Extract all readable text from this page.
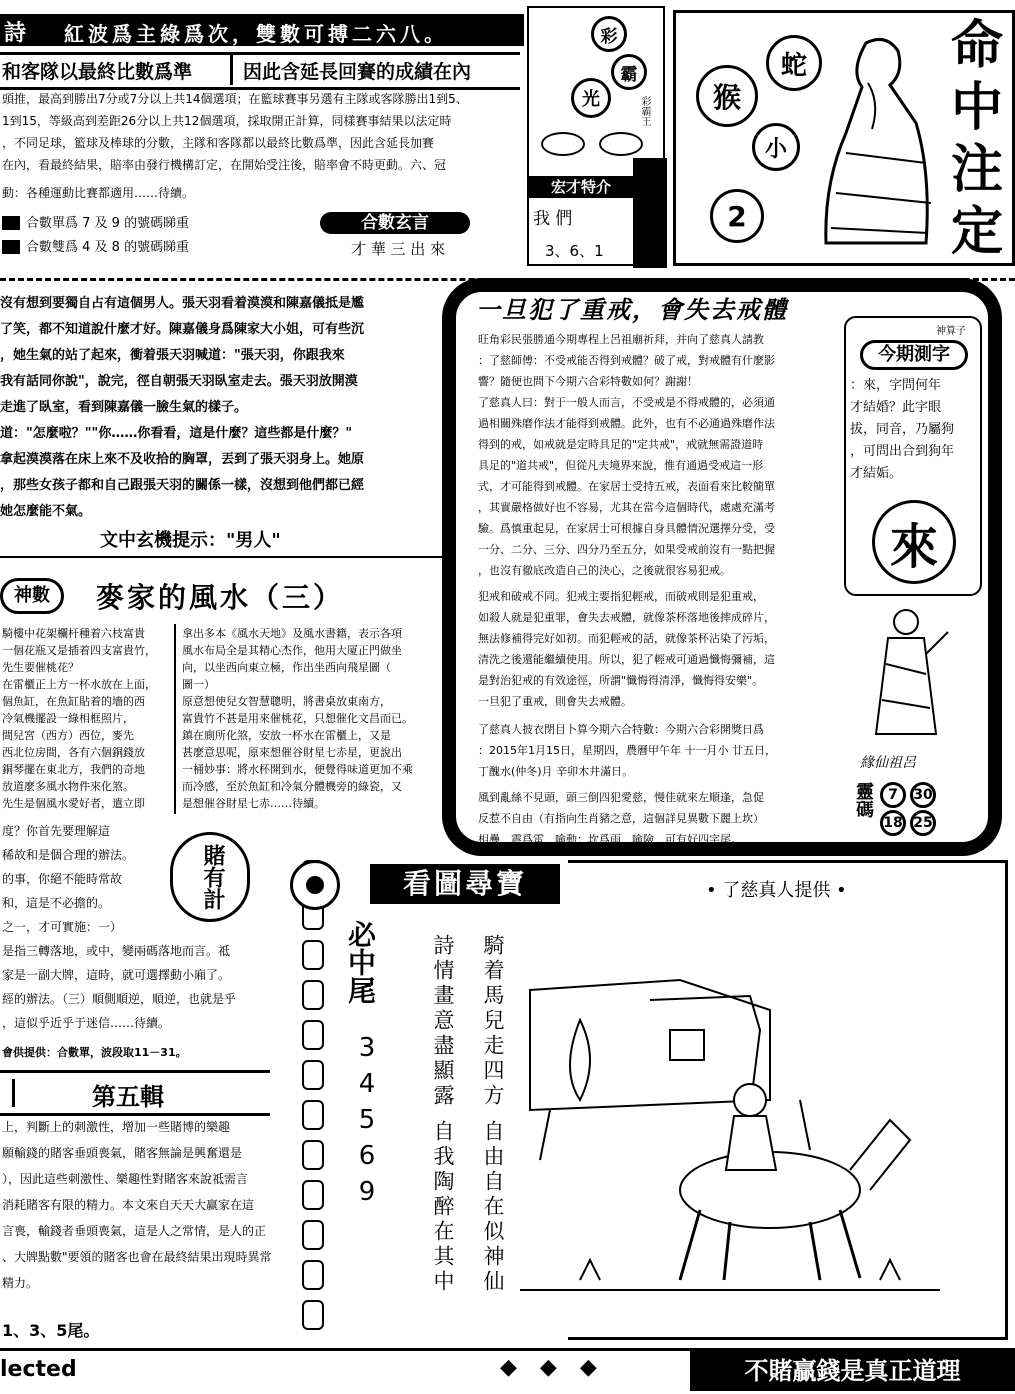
詩 紅波爲主綠爲次，雙數可搏二六八。
和客隊以最終比數爲準	因此含延長回賽的成績在內
頭推，最高到勝出7分或7分以上共14個選項；在籃球賽事另選有主隊或客隊勝出1到5、
1到15，等級高到差距26分以上共12個選項，採取開正計算，同樣賽事結果以法定時
，不同足球，籃球及棒球的分數，主隊和客隊都以最終比數爲準，因此含延長加賽
在內，看最終結果，賠率由發行機構訂定，在開始受注後，賠率會不時更動。六、冠
動：各種運動比賽都適用……待續。
合數單爲 7 及 9 的號碼睇重
合數雙爲 4 及 8 的號碼睇重
合數玄言
才 華 三 出 來
彩
霸
光	彩霸王
宏才特介
我 們
3、6、1
猴
蛇
小
2
命
中
注
定
沒有想到要獨自占有這個男人。張天羽看着漠漠和陳嘉儀抵是尷
了笑，都不知道說什麼才好。陳嘉儀身爲陳家大小姐，可有些沉
，她生氣的站了起來，衝着張天羽喊道："張天羽，你跟我來
我有話同你說"，說完，徑自朝張天羽臥室走去。張天羽放開漠
走進了臥室，看到陳嘉儀一臉生氣的樣子。
道："怎麼啦？""你……你看看，這是什麼？這些都是什麼？"
拿起漠漠落在床上來不及收拾的胸罩，丟到了張天羽身上。她原
，那些女孩子都和自己跟張天羽的關係一樣，沒想到他們都已經
她怎麼能不氣。
文中玄機提示："男人"
神數	麥家的風水（三）
騎樓中花架欄杆種着六枝富貴
一個花瓶又是插着四支富貴竹，
先生要催桃花？
在雷櫃正上方一杯水放在上面，
個魚缸，在魚缸貼着的墻的西
冷氣機擺設一綠相框照片，
間兒宮（西方）西位，麥先
西北位房間，各有六個銅錢放
銅琴擺在東北方，我們的奇地
放道麼多風水物件來化煞。
先生是個風水愛好者，遣立即
拿出多本《風水天地》及風水書籍，表示各項
風水布局全是其精心杰作，他用大厦正門做坐
向，以坐西向東立極，作出坐西向飛星圖（
圖一）
原意想使兒女智慧聰明，將書桌放東南方，
富貴竹不甚是用來催桃花，只想催化文昌而已。
鎮在廁所化煞，安放一杯水在雷櫃上，又是
甚麼意思呢，原來想催谷財星七赤星，更說出
一桶妙事：將水杯開到水，便覺得味道更加不乘
而冷感，至於魚缸和冷氣分體機旁的綠瓷，又
是想催谷財星七赤……待續。
度？你首先要理解這
稀故和是個合理的辦法。
的事，你絕不能時常故
和，這是不必擔的。
之一，才可實施：一）
是指三轉落地，或中，變兩碼落地而言。祗
家是一副大牌，這時，就可選擇動小廂了。
經的辦法。（三）順側順逆，順逆，也就是乎
，這似乎近乎于迷信……待續。
賭有計
會供提供：合數單，波段取11－31。
第五輯
上，判斷上的刺激性，增加一些賭博的樂趣
願輸錢的賭客垂頭喪氣，賭客無論是興奮還是
），因此這些刺激性、樂趣性對賭客來說祗需言
消耗賭客有限的精力。本文來自天天大赢家在這
言喪，輸錢者垂頭喪氣，這是人之常情，是人的正
、大牌點數"要領的賭客也會在最終結果出現時異常
精力。
1、3、5尾。
一旦犯了重戒，會失去戒體
旺角彩民張勝通今期專程上呂祖廟祈拜，并向了慈真人請教
：了慈師傅：不受戒能否得到戒體？破了戒，對戒體有什麼影
響？隨便也問下今期六合彩特數如何？謝謝！
了慈真人曰：對于一般人而言，不受戒是不得戒體的，必須通
過相關殊磨作法才能得到戒體。此外，也有不必通過殊磨作法
得到的戒，如戒就是定時具足的"定共戒"，戒就無需證道時
具足的"道共戒"，但從凡夫境界來說，惟有通過受戒這一形
式，才可能得到戒體。在家居士受持五戒，表面看來比較簡單
，其實嚴格做好也不容易，尤其在當今這個時代，處處充滿考
驗。爲慎重起見，在家居士可根據自身具體情況選擇分受，受
一分、二分、三分、四分乃至五分，如果受戒前沒有一點把握
，也沒有徹底改造自己的決心，之後就很容易犯戒。
犯戒和破戒不同。犯戒主要指犯輕戒，而破戒則是犯重戒，
如殺人就是犯重罪，會失去戒體，就像茶杯落地後摔成碎片，
無法修補得完好如初。而犯輕戒的話，就像茶杯沾染了污垢，
清洗之後還能繼續使用。所以，犯了輕戒可通過懺悔彌補，這
是對治犯戒的有效途徑，所謂"懺悔得清淨，懺悔得安樂"。
一旦犯了重戒，則會失去戒體。
了慈真人披衣閉目卜算今期六合特數：今期六合彩開獎日爲
：2015年1月15日，星期四，農曆甲午年 十一月小 廿五日，
丁醜水(仲冬)月 辛卯木井滿日。
風到亂絲不見頭，頭三倒四犯愛慈，慢佳就來左順逢，急促
反惹不自由（有指向生肖豬之意，這個詳見異數下麗上坎）
相疊，震爲雷，喻動；坎爲雨，喻險，可有好四字尾。
神算子
今期測字
：來，字問何年
才結婚？此字眼
拔，同音，乃屬狗
，可問出合到狗年
才結姤。
來
緣仙祖呂
靈碼	7	30
18 25
看圖尋寶	• 了慈真人提供 •
必中尾
3
4
5
6
9
詩情畫意盡顯露 騎着馬兒走四方
自我陶醉在其中 自由自在似神仙
lected	◆ ◆ ◆	不賭贏錢是真正道理
